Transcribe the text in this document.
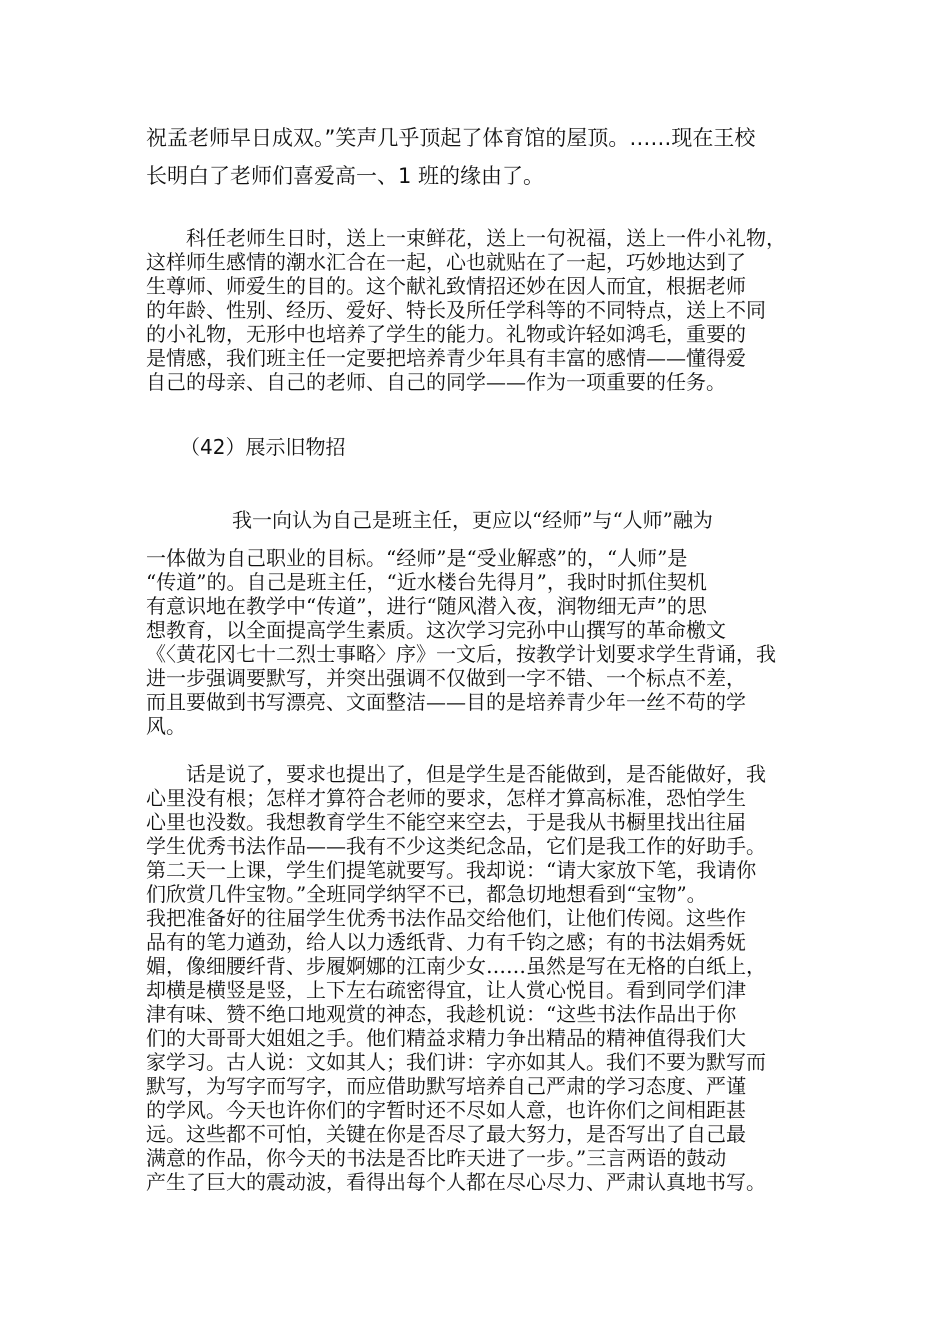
祝孟老师早日成双。”笑声几乎顶起了体育馆的屋顶。……现在王校
长明白了老师们喜爱高一、1 班的缘由了。
　　科任老师生日时，送上一束鲜花，送上一句祝福，送上一件小礼物，
这样师生感情的潮水汇合在一起，心也就贴在了一起，巧妙地达到了
生尊师、师爱生的目的。这个献礼致情招还妙在因人而宜，根据老师
的年龄、性别、经历、爱好、特长及所任学科等的不同特点，送上不同
的小礼物，无形中也培养了学生的能力。礼物或许轻如鸿毛，重要的
是情感，我们班主任一定要把培养青少年具有丰富的感情——懂得爱
自己的母亲、自己的老师、自己的同学——作为一项重要的任务。
（42）展示旧物招
我一向认为自己是班主任，更应以“经师”与“人师”融为
一体做为自己职业的目标。“经师”是“受业解惑”的，“人师”是
“传道”的。自己是班主任，“近水楼台先得月”，我时时抓住契机
有意识地在教学中“传道”，进行“随风潜入夜，润物细无声”的思
想教育，以全面提高学生素质。这次学习完孙中山撰写的革命檄文
《〈黄花冈七十二烈士事略〉序》一文后，按教学计划要求学生背诵，我
进一步强调要默写，并突出强调不仅做到一字不错、一个标点不差，
而且要做到书写漂亮、文面整洁——目的是培养青少年一丝不苟的学
风。
　　话是说了，要求也提出了，但是学生是否能做到，是否能做好，我
心里没有根；怎样才算符合老师的要求，怎样才算高标准，恐怕学生
心里也没数。我想教育学生不能空来空去，于是我从书橱里找出往届
学生优秀书法作品——我有不少这类纪念品，它们是我工作的好助手。
第二天一上课，学生们提笔就要写。我却说：“请大家放下笔，我请你
们欣赏几件宝物。”全班同学纳罕不已，都急切地想看到“宝物”。
我把准备好的往届学生优秀书法作品交给他们，让他们传阅。这些作
品有的笔力遒劲，给人以力透纸背、力有千钧之感；有的书法娟秀妩
媚，像细腰纤背、步履婀娜的江南少女……虽然是写在无格的白纸上，
却横是横竖是竖，上下左右疏密得宜，让人赏心悦目。看到同学们津
津有味、赞不绝口地观赏的神态，我趁机说：“这些书法作品出于你
们的大哥哥大姐姐之手。他们精益求精力争出精品的精神值得我们大
家学习。古人说：文如其人；我们讲：字亦如其人。我们不要为默写而
默写，为写字而写字，而应借助默写培养自己严肃的学习态度、严谨
的学风。今天也许你们的字暂时还不尽如人意，也许你们之间相距甚
远。这些都不可怕，关键在你是否尽了最大努力，是否写出了自己最
满意的作品，你今天的书法是否比昨天进了一步。”三言两语的鼓动
产生了巨大的震动波，看得出每个人都在尽心尽力、严肃认真地书写。
